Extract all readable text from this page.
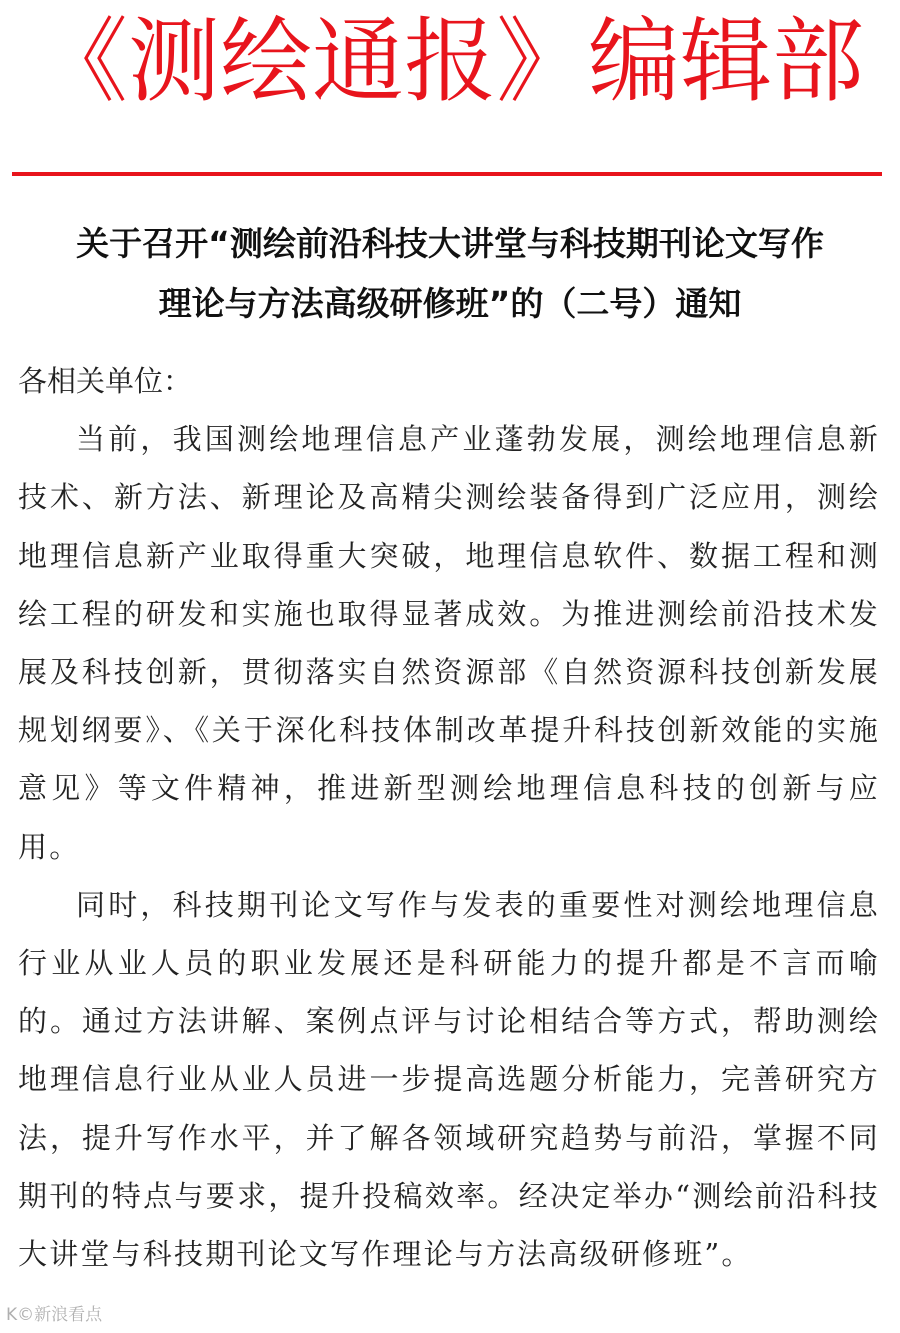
《测绘通报》编辑部
关于召开“测绘前沿科技大讲堂与科技期刊论文写作
理论与方法高级研修班”的（二号）通知

各相关单位：

当前，我国测绘地理信息产业蓬勃发展，测绘地理信息新技术、新方法、新理论及高精尖测绘装备得到广泛应用，测绘地理信息新产业取得重大突破，地理信息软件、数据工程和测绘工程的研发和实施也取得显著成效。为推进测绘前沿技术发展及科技创新，贯彻落实自然资源部《自然资源科技创新发展规划纲要》、《关于深化科技体制改革提升科技创新效能的实施意见》等文件精神，推进新型测绘地理信息科技的创新与应用。

同时，科技期刊论文写作与发表的重要性对测绘地理信息行业从业人员的职业发展还是科研能力的提升都是不言而喻的。通过方法讲解、案例点评与讨论相结合等方式，帮助测绘地理信息行业从业人员进一步提高选题分析能力，完善研究方法，提升写作水平，并了解各领域研究趋势与前沿，掌握不同期刊的特点与要求，提升投稿效率。经决定举办“测绘前沿科技大讲堂与科技期刊论文写作理论与方法高级研修班”。

K©新浪看点
